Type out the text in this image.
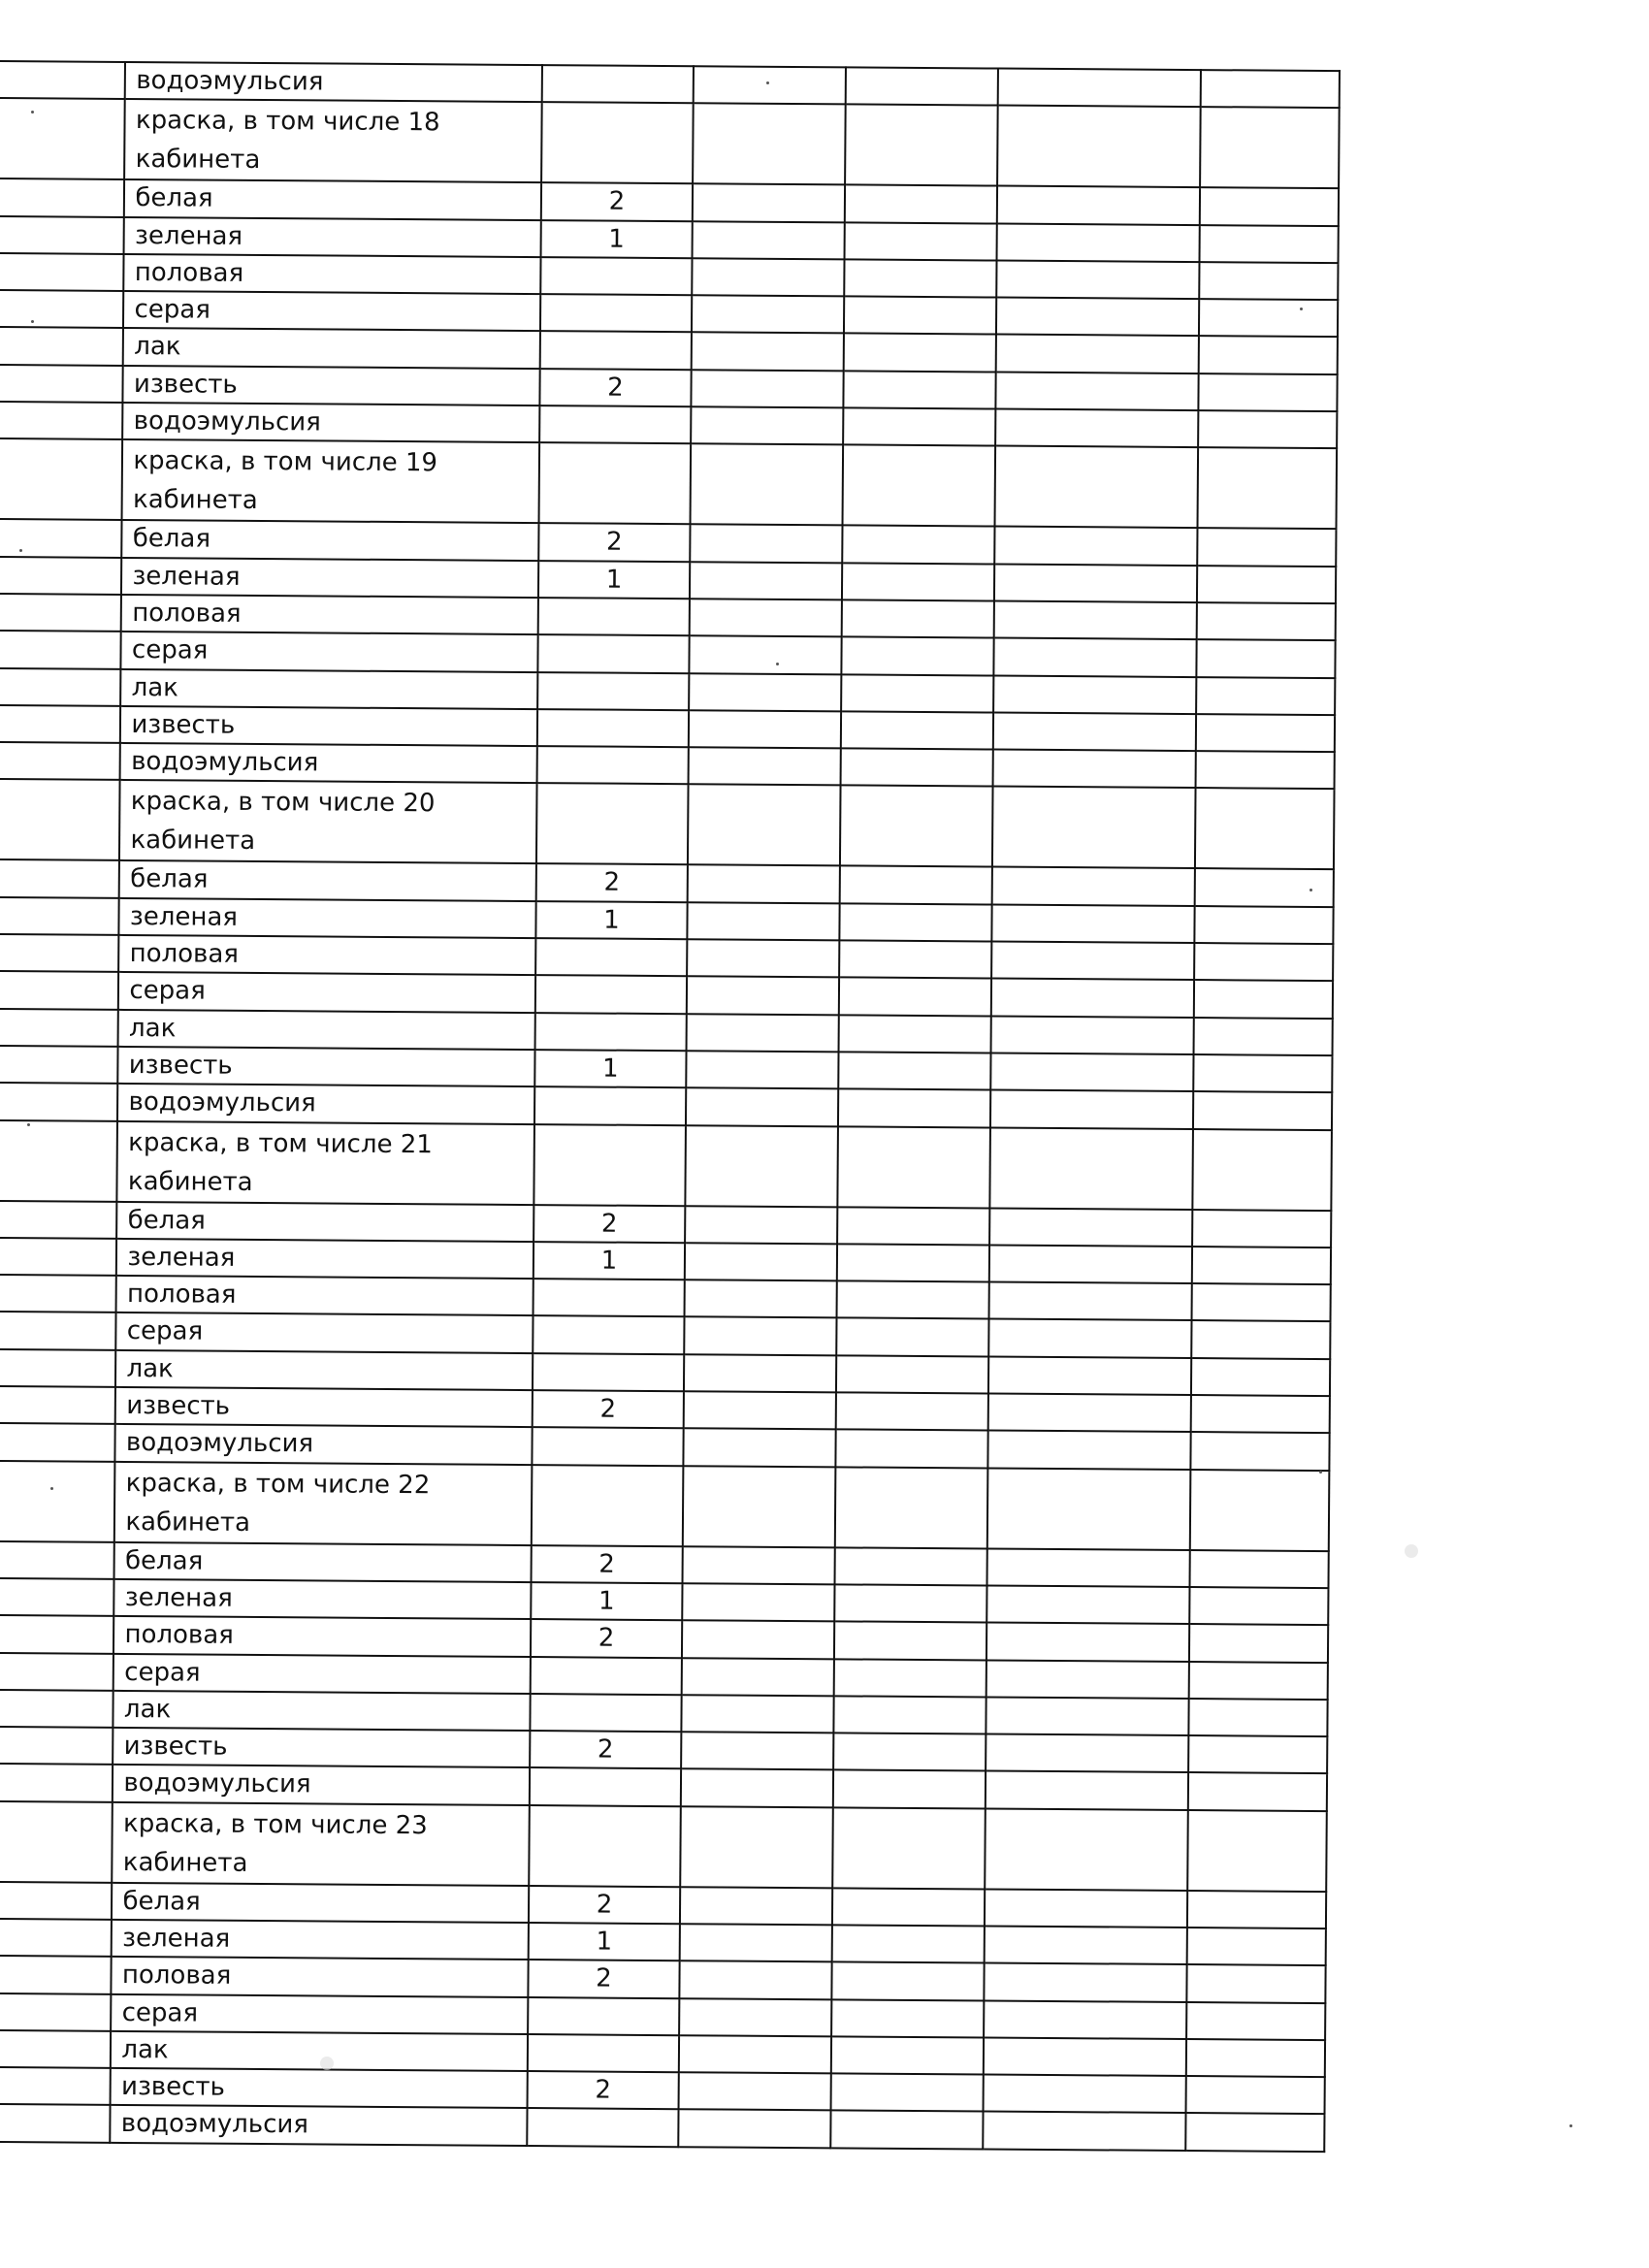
	водоэмульсия					
	краска, в том числе 18 кабинета					
	белая	2				
	зеленая	1				
	половая					
	серая					
	лак					
	известь	2				
	водоэмульсия					
	краска, в том числе 19 кабинета					
	белая	2				
	зеленая	1				
	половая					
	серая					
	лак					
	известь					
	водоэмульсия					
	краска, в том числе 20 кабинета					
	белая	2				
	зеленая	1				
	половая					
	серая					
	лак					
	известь	1				
	водоэмульсия					
	краска, в том числе 21 кабинета					
	белая	2				
	зеленая	1				
	половая					
	серая					
	лак					
	известь	2				
	водоэмульсия					
	краска, в том числе 22 кабинета					
	белая	2				
	зеленая	1				
	половая	2				
	серая					
	лак					
	известь	2				
	водоэмульсия					
	краска, в том числе 23 кабинета					
	белая	2				
	зеленая	1				
	половая	2				
	серая					
	лак					
	известь	2				
	водоэмульсия					
